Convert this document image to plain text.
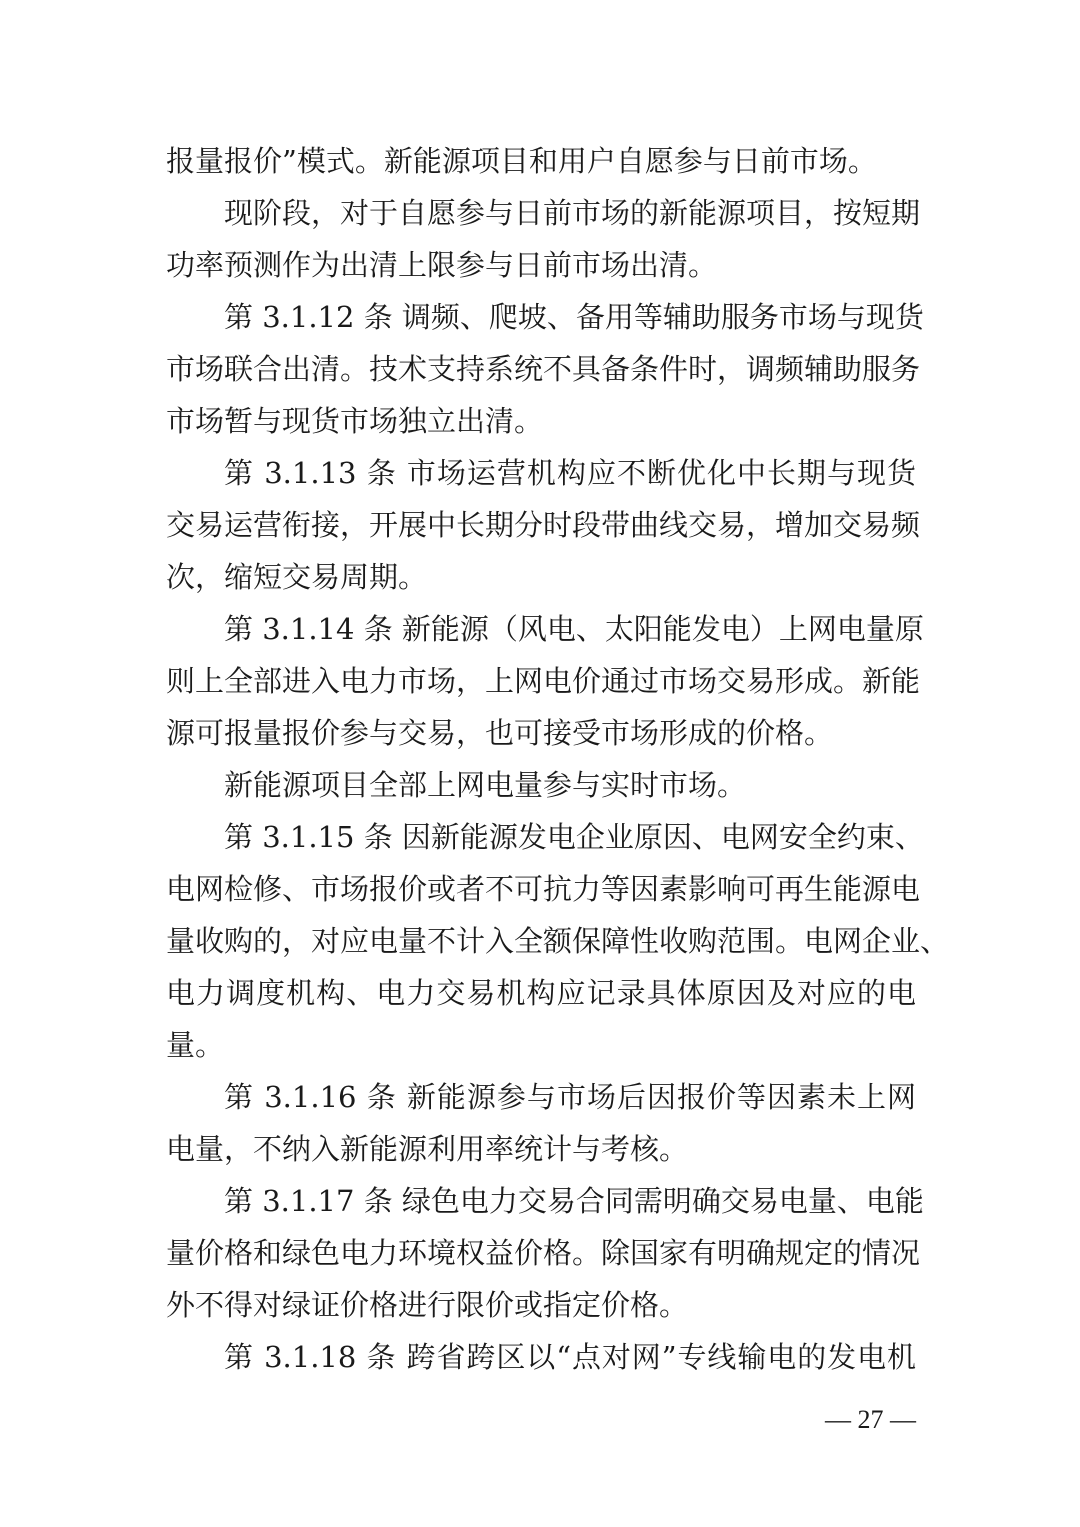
报量报价”模式。新能源项目和用户自愿参与日前市场。
现阶段，对于自愿参与日前市场的新能源项目，按短期
功率预测作为出清上限参与日前市场出清。
第 3.1.12 条 调频、爬坡、备用等辅助服务市场与现货
市场联合出清。技术支持系统不具备条件时，调频辅助服务
市场暂与现货市场独立出清。
第 3.1.13 条 市场运营机构应不断优化中长期与现货
交易运营衔接，开展中长期分时段带曲线交易，增加交易频
次，缩短交易周期。
第 3.1.14 条 新能源（风电、太阳能发电）上网电量原
则上全部进入电力市场，上网电价通过市场交易形成。新能
源可报量报价参与交易，也可接受市场形成的价格。
新能源项目全部上网电量参与实时市场。
第 3.1.15 条 因新能源发电企业原因、电网安全约束、
电网检修、市场报价或者不可抗力等因素影响可再生能源电
量收购的，对应电量不计入全额保障性收购范围。电网企业、
电力调度机构、电力交易机构应记录具体原因及对应的电
量。
第 3.1.16 条 新能源参与市场后因报价等因素未上网
电量，不纳入新能源利用率统计与考核。
第 3.1.17 条 绿色电力交易合同需明确交易电量、电能
量价格和绿色电力环境权益价格。除国家有明确规定的情况
外不得对绿证价格进行限价或指定价格。
第 3.1.18 条 跨省跨区以“点对网”专线输电的发电机
— 27 —
